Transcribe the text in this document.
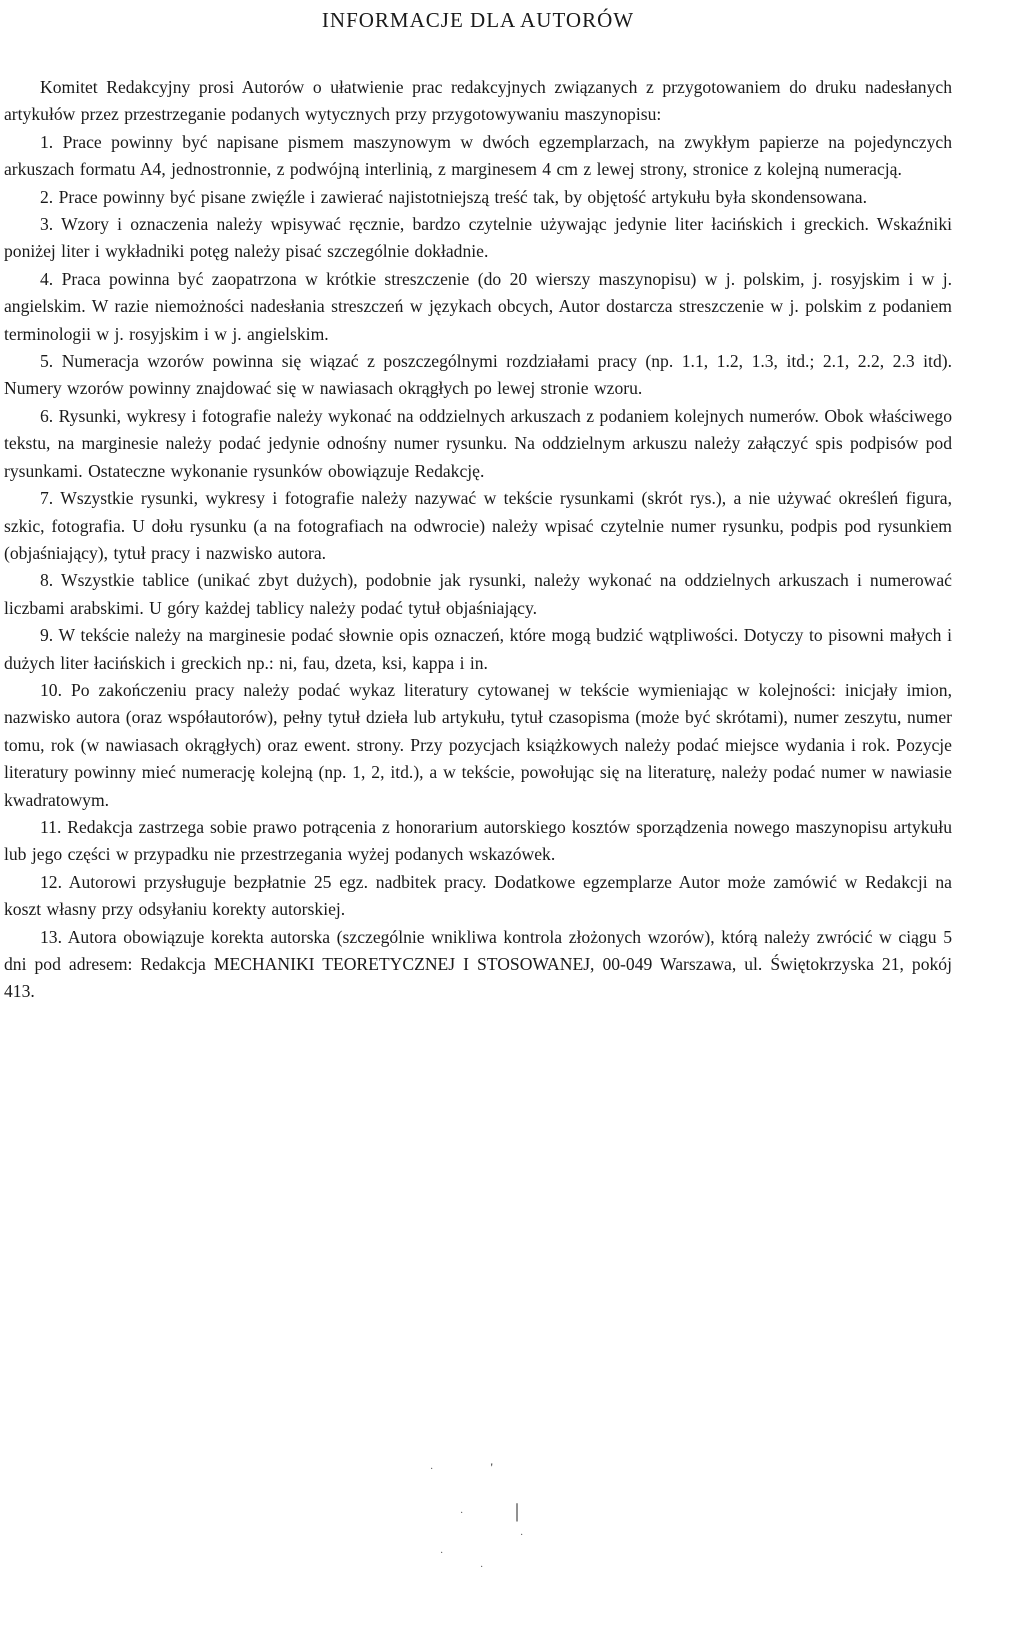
INFORMACJE DLA AUTORÓW

Komitet Redakcyjny prosi Autorów o ułatwienie prac redakcyjnych związanych z przygotowaniem do druku nadesłanych artykułów przez przestrzeganie podanych wytycznych przy przygotowywaniu maszynopisu:

1. Prace powinny być napisane pismem maszynowym w dwóch egzemplarzach, na zwykłym papierze na pojedynczych arkuszach formatu A4, jednostronnie, z podwójną interlinią, z marginesem 4 cm z lewej strony, stronice z kolejną numeracją.

2. Prace powinny być pisane zwięźle i zawierać najistotniejszą treść tak, by objętość artykułu była skondensowana.

3. Wzory i oznaczenia należy wpisywać ręcznie, bardzo czytelnie używając jedynie liter łacińskich i greckich. Wskaźniki poniżej liter i wykładniki potęg należy pisać szczególnie dokładnie.

4. Praca powinna być zaopatrzona w krótkie streszczenie (do 20 wierszy maszynopisu) w j. polskim, j. rosyjskim i w j. angielskim. W razie niemożności nadesłania streszczeń w językach obcych, Autor dostarcza streszczenie w j. polskim z podaniem terminologii w j. rosyjskim i w j. angielskim.

5. Numeracja wzorów powinna się wiązać z poszczególnymi rozdziałami pracy (np. 1.1, 1.2, 1.3, itd.; 2.1, 2.2, 2.3 itd). Numery wzorów powinny znajdować się w nawiasach okrągłych po lewej stronie wzoru.

6. Rysunki, wykresy i fotografie należy wykonać na oddzielnych arkuszach z podaniem kolejnych numerów. Obok właściwego tekstu, na marginesie należy podać jedynie odnośny numer rysunku. Na oddzielnym arkuszu należy załączyć spis podpisów pod rysunkami. Ostateczne wykonanie rysunków obowiązuje Redakcję.

7. Wszystkie rysunki, wykresy i fotografie należy nazywać w tekście rysunkami (skrót rys.), a nie używać określeń figura, szkic, fotografia. U dołu rysunku (a na fotografiach na odwrocie) należy wpisać czytelnie numer rysunku, podpis pod rysunkiem (objaśniający), tytuł pracy i nazwisko autora.

8. Wszystkie tablice (unikać zbyt dużych), podobnie jak rysunki, należy wykonać na oddzielnych arkuszach i numerować liczbami arabskimi. U góry każdej tablicy należy podać tytuł objaśniający.

9. W tekście należy na marginesie podać słownie opis oznaczeń, które mogą budzić wątpliwości. Dotyczy to pisowni małych i dużych liter łacińskich i greckich np.: ni, fau, dzeta, ksi, kappa i in.

10. Po zakończeniu pracy należy podać wykaz literatury cytowanej w tekście wymieniając w kolejności: inicjały imion, nazwisko autora (oraz współautorów), pełny tytuł dzieła lub artykułu, tytuł czasopisma (może być skrótami), numer zeszytu, numer tomu, rok (w nawiasach okrągłych) oraz ewent. strony. Przy pozycjach książkowych należy podać miejsce wydania i rok. Pozycje literatury powinny mieć numerację kolejną (np. 1, 2, itd.), a w tekście, powołując się na literaturę, należy podać numer w nawiasie kwadratowym.

11. Redakcja zastrzega sobie prawo potrącenia z honorarium autorskiego kosztów sporządzenia nowego maszynopisu artykułu lub jego części w przypadku nie przestrzegania wyżej podanych wskazówek.

12. Autorowi przysługuje bezpłatnie 25 egz. nadbitek pracy. Dodatkowe egzemplarze Autor może zamówić w Redakcji na koszt własny przy odsyłaniu korekty autorskiej.

13. Autora obowiązuje korekta autorska (szczególnie wnikliwa kontrola złożonych wzorów), którą należy zwrócić w ciągu 5 dni pod adresem: Redakcja MECHANIKI TEORETYCZNEJ I STOSOWANEJ, 00-049 Warszawa, ul. Świętokrzyska 21, pokój 413.

'
·
|
·
·
·
·
